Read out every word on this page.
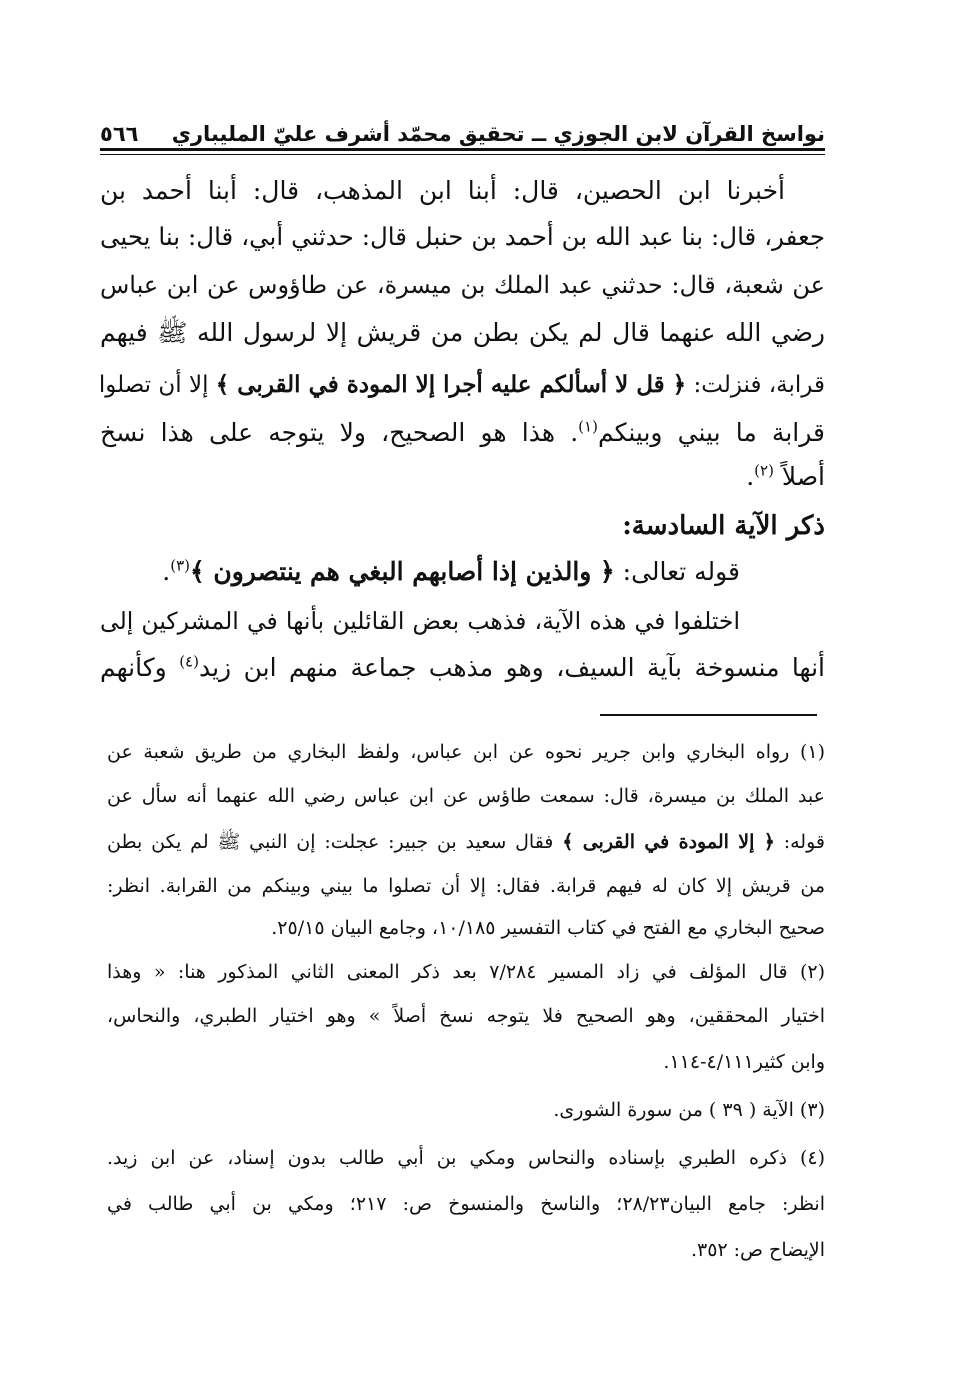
نواسخ القرآن لابن الجوزي ــ تحقيق محمّد أشرف عليّ المليباري
٥٦٦
أخبرنا ابن الحصين، قال: أبنا ابن المذهب، قال: أبنا أحمد بن
جعفر، قال: بنا عبد الله بن أحمد بن حنبل قال: حدثني أبي، قال: بنا يحيى
عن شعبة، قال: حدثني عبد الملك بن ميسرة، عن طاؤوس عن ابن عباس
رضي الله عنهما قال لم يكن بطن من قريش إلا لرسول الله ﷺ فيهم
قرابة، فنزلت: ﴿ قل لا أسألكم عليه أجرا إلا المودة في القربى ﴾ إلا أن تصلوا
قرابة ما بيني وبينكم$^{(١)}$. هذا هو الصحيح، ولا يتوجه على هذا نسخ
أصلاً $^{(٢)}$.
ذكر الآية السادسة:
قوله تعالى: ﴿ والذين إذا أصابهم البغي هم ينتصرون ﴾$^{(٣)}$.
اختلفوا في هذه الآية، فذهب بعض القائلين بأنها في المشركين إلى
أنها منسوخة بآية السيف، وهو مذهب جماعة منهم ابن زيد$^{(٤)}$ وكأنهم
(١) رواه البخاري وابن جرير نحوه عن ابن عباس، ولفظ البخاري من طريق شعبة عن
عبد الملك بن ميسرة، قال: سمعت طاؤس عن ابن عباس رضي الله عنهما أنه سأل عن
قوله: ﴿ إلا المودة في القربى ﴾ فقال سعيد بن جبير: عجلت: إن النبي ﷺ لم يكن بطن
من قريش إلا كان له فيهم قرابة. فقال: إلا أن تصلوا ما بيني وبينكم من القرابة. انظر:
صحيح البخاري مع الفتح في كتاب التفسير ١٠/١٨٥، وجامع البيان ٢٥/١٥.
(٢) قال المؤلف في زاد المسير ٧/٢٨٤ بعد ذكر المعنى الثاني المذكور هنا: « وهذا
اختيار المحققين، وهو الصحيح فلا يتوجه نسخ أصلاً » وهو اختيار الطبري، والنحاس،
وابن كثير٤/١١١-١١٤.
(٣) الآية ( ٣٩ ) من سورة الشورى.
(٤) ذكره الطبري بإسناده والنحاس ومكي بن أبي طالب بدون إسناد، عن ابن زيد.
انظر: جامع البيان٢٨/٢٣؛ والناسخ والمنسوخ ص: ٢١٧؛ ومكي بن أبي طالب في
الإيضاح ص: ٣٥٢.
